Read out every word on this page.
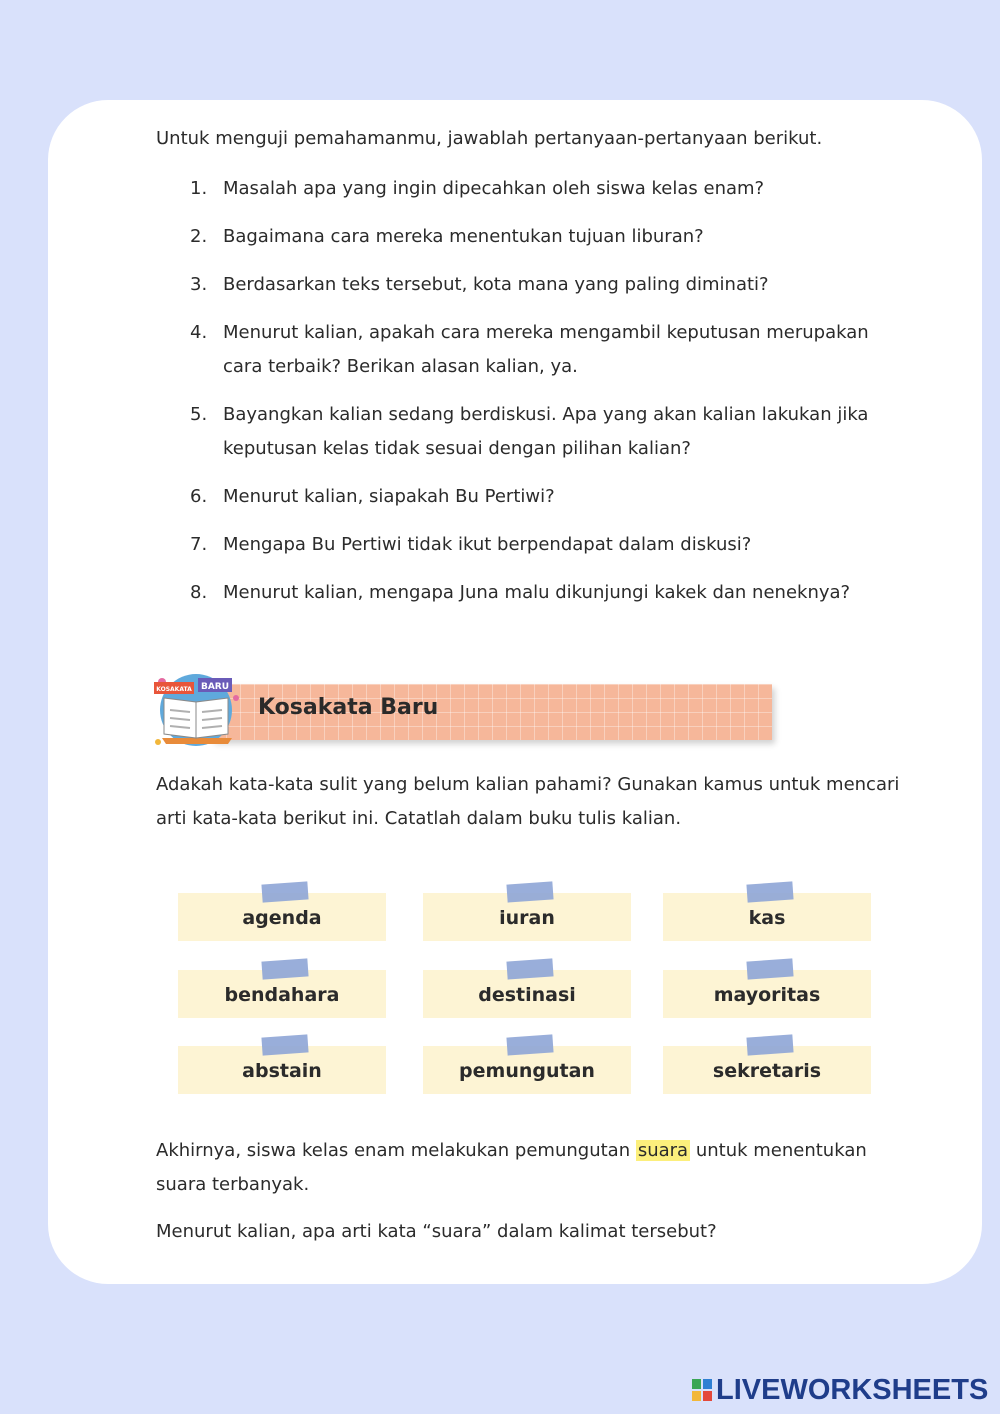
Untuk menguji pemahamanmu, jawablah pertanyaan-pertanyaan berikut.

1. Masalah apa yang ingin dipecahkan oleh siswa kelas enam?
2. Bagaimana cara mereka menentukan tujuan liburan?
3. Berdasarkan teks tersebut, kota mana yang paling diminati?
4. Menurut kalian, apakah cara mereka mengambil keputusan merupakan cara terbaik? Berikan alasan kalian, ya.
5. Bayangkan kalian sedang berdiskusi. Apa yang akan kalian lakukan jika keputusan kelas tidak sesuai dengan pilihan kalian?
6. Menurut kalian, siapakah Bu Pertiwi?
7. Mengapa Bu Pertiwi tidak ikut berpendapat dalam diskusi?
8. Menurut kalian, mengapa Juna malu dikunjungi kakek dan neneknya?
Kosakata Baru
KOSAKATA BARU

Adakah kata-kata sulit yang belum kalian pahami? Gunakan kamus untuk mencari arti kata-kata berikut ini. Catatlah dalam buku tulis kalian.

agenda	iuran	kas
bendahara	destinasi	mayoritas
abstain	pemungutan	sekretaris

Akhirnya, siswa kelas enam melakukan pemungutan suara untuk menentukan suara terbanyak.

Menurut kalian, apa arti kata “suara” dalam kalimat tersebut?

LIVEWORKSHEETS
